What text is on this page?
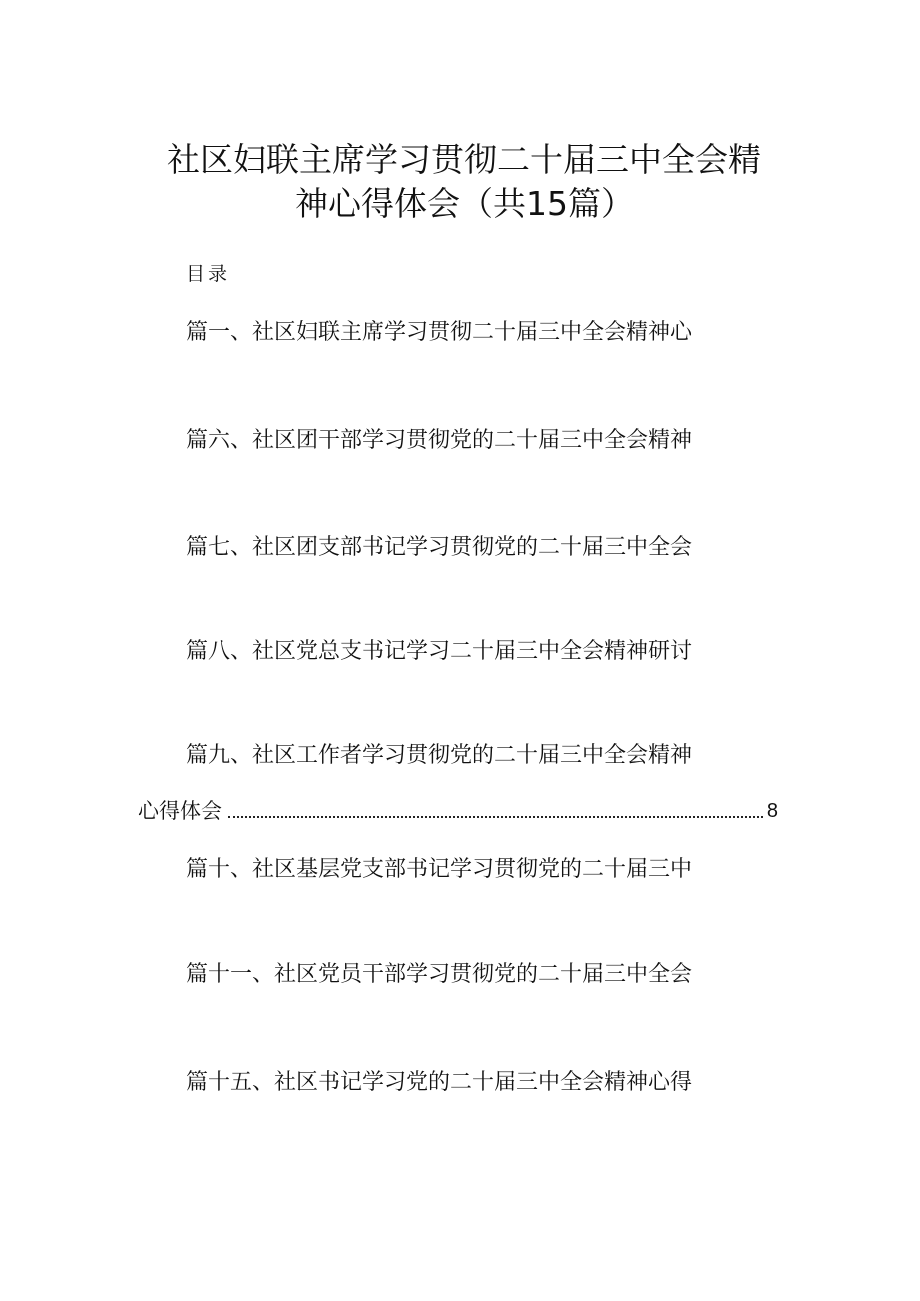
社区妇联主席学习贯彻二十届三中全会精
神心得体会（共15篇）
目录
篇一、社区妇联主席学习贯彻二十届三中全会精神心
篇六、社区团干部学习贯彻党的二十届三中全会精神
篇七、社区团支部书记学习贯彻党的二十届三中全会
篇八、社区党总支书记学习二十届三中全会精神研讨
篇九、社区工作者学习贯彻党的二十届三中全会精神
心得体会	8
篇十、社区基层党支部书记学习贯彻党的二十届三中
篇十一、社区党员干部学习贯彻党的二十届三中全会
篇十五、社区书记学习党的二十届三中全会精神心得
